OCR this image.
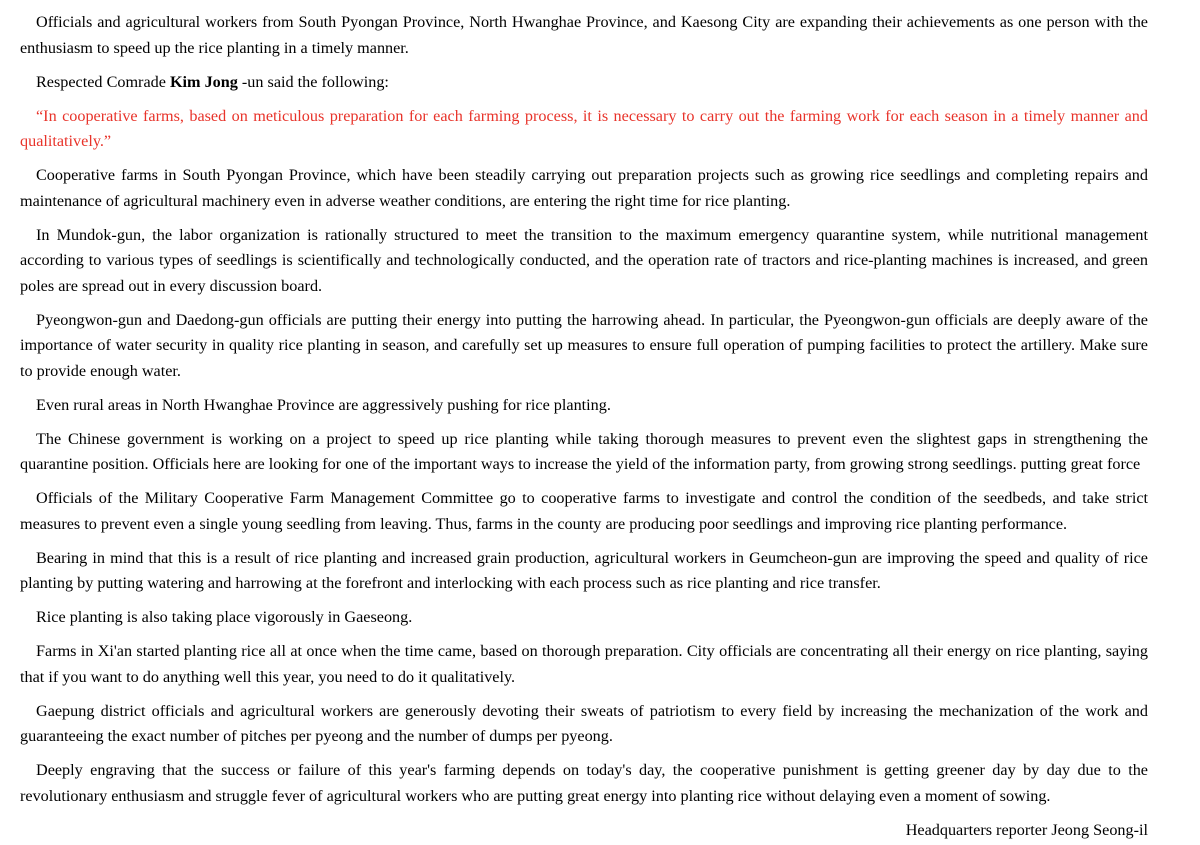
Officials and agricultural workers from South Pyongan Province, North Hwanghae Province, and Kaesong City are expanding their achievements as one person with the enthusiasm to speed up the rice planting in a timely manner.

Respected Comrade Kim Jong -un said the following:

“In cooperative farms, based on meticulous preparation for each farming process, it is necessary to carry out the farming work for each season in a timely manner and qualitatively.”

Cooperative farms in South Pyongan Province, which have been steadily carrying out preparation projects such as growing rice seedlings and completing repairs and maintenance of agricultural machinery even in adverse weather conditions, are entering the right time for rice planting.

In Mundok-gun, the labor organization is rationally structured to meet the transition to the maximum emergency quarantine system, while nutritional management according to various types of seedlings is scientifically and technologically conducted, and the operation rate of tractors and rice-planting machines is increased, and green poles are spread out in every discussion board.

Pyeongwon-gun and Daedong-gun officials are putting their energy into putting the harrowing ahead. In particular, the Pyeongwon-gun officials are deeply aware of the importance of water security in quality rice planting in season, and carefully set up measures to ensure full operation of pumping facilities to protect the artillery. Make sure to provide enough water.

Even rural areas in North Hwanghae Province are aggressively pushing for rice planting.

The Chinese government is working on a project to speed up rice planting while taking thorough measures to prevent even the slightest gaps in strengthening the quarantine position. Officials here are looking for one of the important ways to increase the yield of the information party, from growing strong seedlings. putting great force

Officials of the Military Cooperative Farm Management Committee go to cooperative farms to investigate and control the condition of the seedbeds, and take strict measures to prevent even a single young seedling from leaving. Thus, farms in the county are producing poor seedlings and improving rice planting performance.

Bearing in mind that this is a result of rice planting and increased grain production, agricultural workers in Geumcheon-gun are improving the speed and quality of rice planting by putting watering and harrowing at the forefront and interlocking with each process such as rice planting and rice transfer.

Rice planting is also taking place vigorously in Gaeseong.

Farms in Xi'an started planting rice all at once when the time came, based on thorough preparation. City officials are concentrating all their energy on rice planting, saying that if you want to do anything well this year, you need to do it qualitatively.

Gaepung district officials and agricultural workers are generously devoting their sweats of patriotism to every field by increasing the mechanization of the work and guaranteeing the exact number of pitches per pyeong and the number of dumps per pyeong.

Deeply engraving that the success or failure of this year's farming depends on today's day, the cooperative punishment is getting greener day by day due to the revolutionary enthusiasm and struggle fever of agricultural workers who are putting great energy into planting rice without delaying even a moment of sowing.

Headquarters reporter Jeong Seong-il
